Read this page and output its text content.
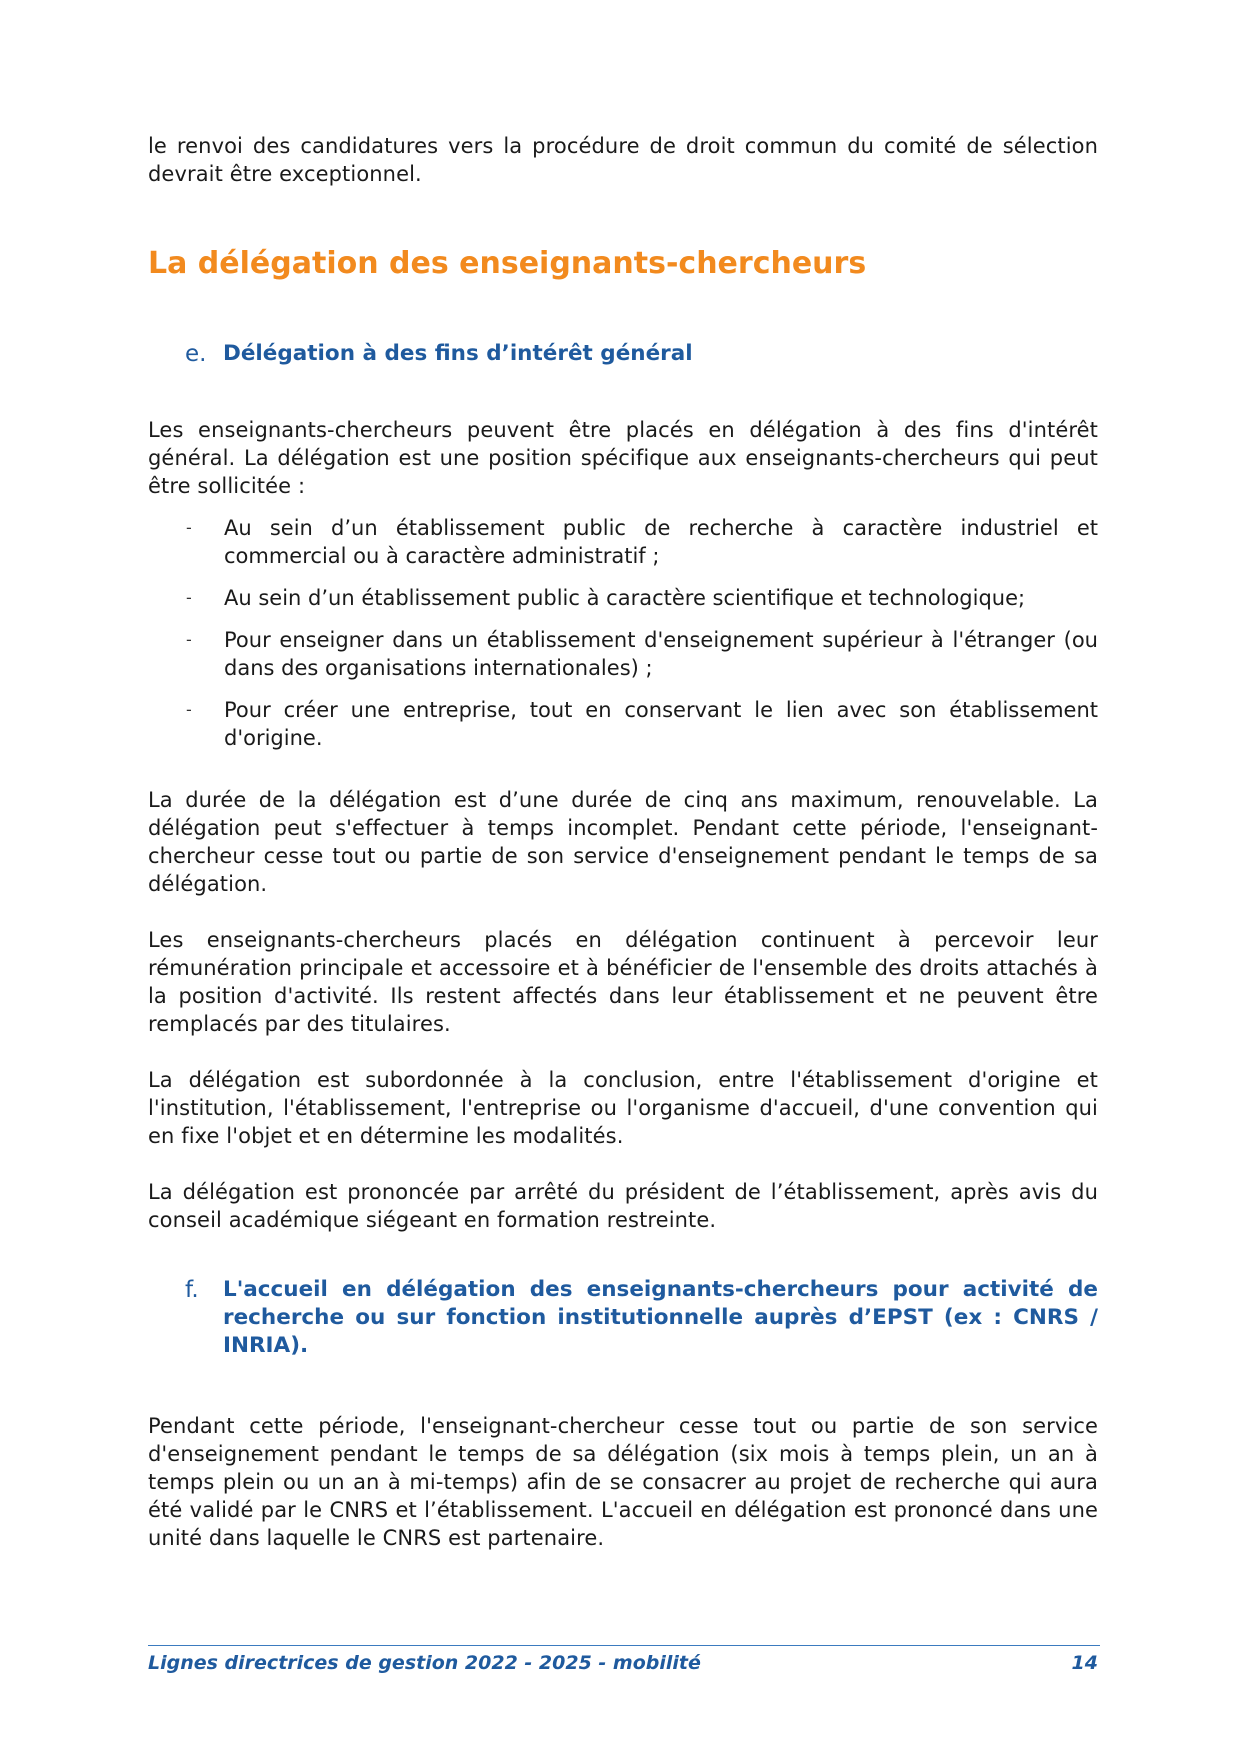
le renvoi des candidatures vers la procédure de droit commun du comité de sélection devrait être exceptionnel.

La délégation des enseignants-chercheurs
e. Délégation à des fins d’intérêt général

Les enseignants-chercheurs peuvent être placés en délégation à des fins d'intérêt général. La délégation est une position spécifique aux enseignants-chercheurs qui peut être sollicitée :

- Au sein d’un établissement public de recherche à caractère industriel et commercial ou à caractère administratif ;
- Au sein d’un établissement public à caractère scientifique et technologique;
- Pour enseigner dans un établissement d'enseignement supérieur à l'étranger (ou dans des organisations internationales) ;
- Pour créer une entreprise, tout en conservant le lien avec son établissement d'origine.

La durée de la délégation est d’une durée de cinq ans maximum, renouvelable. La délégation peut s'effectuer à temps incomplet. Pendant cette période, l'enseignant-chercheur cesse tout ou partie de son service d'enseignement pendant le temps de sa délégation.

Les enseignants-chercheurs placés en délégation continuent à percevoir leur rémunération principale et accessoire et à bénéficier de l'ensemble des droits attachés à la position d'activité. Ils restent affectés dans leur établissement et ne peuvent être remplacés par des titulaires.

La délégation est subordonnée à la conclusion, entre l'établissement d'origine et l'institution, l'établissement, l'entreprise ou l'organisme d'accueil, d'une convention qui en fixe l'objet et en détermine les modalités.

La délégation est prononcée par arrêté du président de l’établissement, après avis du conseil académique siégeant en formation restreinte.

f. L'accueil en délégation des enseignants-chercheurs pour activité de recherche ou sur fonction institutionnelle auprès d’EPST (ex : CNRS / INRIA).

Pendant cette période, l'enseignant-chercheur cesse tout ou partie de son service d'enseignement pendant le temps de sa délégation (six mois à temps plein, un an à temps plein ou un an à mi-temps) afin de se consacrer au projet de recherche qui aura été validé par le CNRS et l’établissement. L'accueil en délégation est prononcé dans une unité dans laquelle le CNRS est partenaire.

Lignes directrices de gestion 2022 - 2025 - mobilité	14
